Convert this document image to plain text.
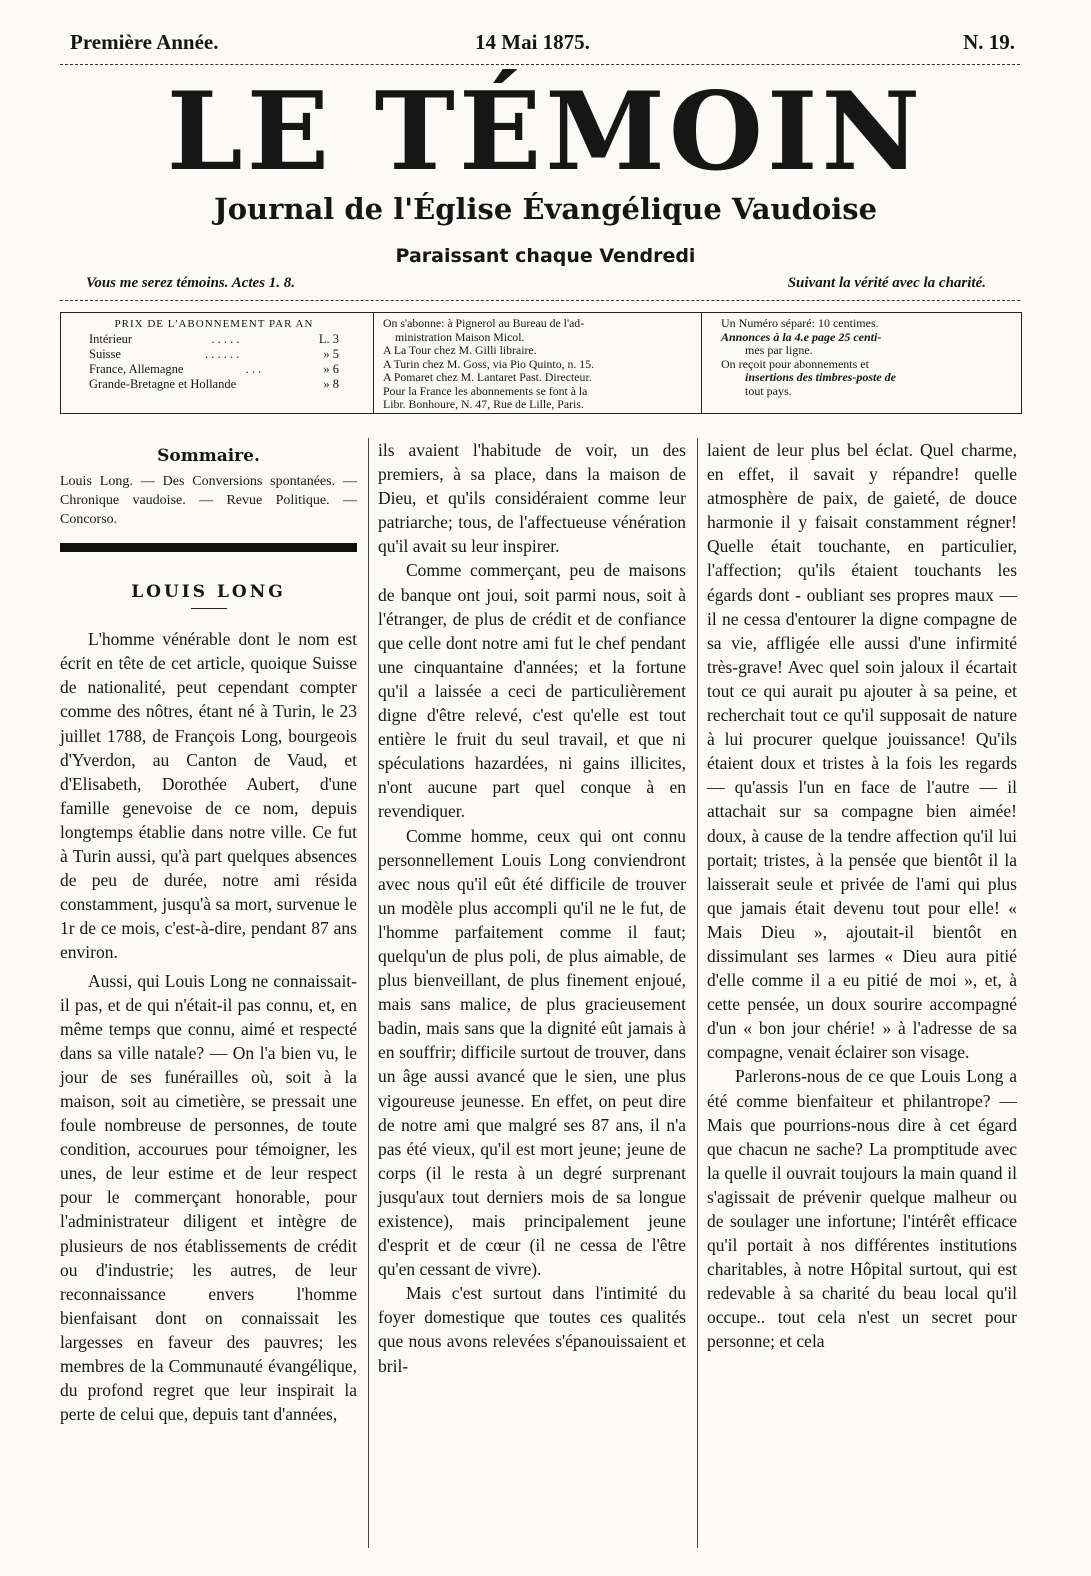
Première Année.	14 Mai 1875.	N. 19.
LE TÉMOIN
Journal de l'Église Évangélique Vaudoise
Paraissant chaque Vendredi
Vous me serez témoins. Actes 1. 8.	Suivant la vérité avec la charité.
PRIX DE L'ABONNEMENT PAR AN
Intérieur	. . . . .	L. 3
Suisse	. . . . . .	» 5
France, Allemagne	. . .	» 6
Grande-Bretagne et Hollande	» 8
On s'abonne: à Pignerol au Bureau de l'ad-
ministration Maison Micol.
A La Tour chez M. Gilli libraire.
A Turin chez M. Goss, via Pio Quinto, n. 15.
A Pomaret chez M. Lantaret Past. Directeur.
Pour la France les abonnements se font à la
Libr. Bonhoure, N. 47, Rue de Lille, Paris.
Un Numéro séparé: 10 centimes.
Annonces à la 4.e page 25 centi-
mes par ligne.
On reçoit pour abonnements et
insertions des timbres-poste de
tout pays.
Sommaire.
Louis Long. — Des Conversions spontanées. — Chronique vaudoise. — Revue Politique. — Concorso.
LOUIS LONG

L'homme vénérable dont le nom est écrit en tête de cet article, quoique Suisse de nationalité, peut cependant compter comme des nôtres, étant né à Turin, le 23 juillet 1788, de François Long, bourgeois d'Yverdon, au Canton de Vaud, et d'Elisabeth, Dorothée Aubert, d'une famille genevoise de ce nom, depuis longtemps établie dans notre ville. Ce fut à Turin aussi, qu'à part quelques absences de peu de durée, notre ami résida constamment, jusqu'à sa mort, survenue le 1r de ce mois, c'est-à-dire, pendant 87 ans environ.

Aussi, qui Louis Long ne connaissait-il pas, et de qui n'était-il pas connu, et, en même temps que connu, aimé et respecté dans sa ville natale? — On l'a bien vu, le jour de ses funérailles où, soit à la maison, soit au cimetière, se pressait une foule nombreuse de personnes, de toute condition, accourues pour témoigner, les unes, de leur estime et de leur respect pour le commerçant honorable, pour l'administrateur diligent et intègre de plusieurs de nos établissements de crédit ou d'industrie; les autres, de leur reconnaissance envers l'homme bienfaisant dont on connaissait les largesses en faveur des pauvres; les membres de la Communauté évangélique, du profond regret que leur inspirait la perte de celui que, depuis tant d'années,

ils avaient l'habitude de voir, un des premiers, à sa place, dans la maison de Dieu, et qu'ils considéraient comme leur patriarche; tous, de l'affectueuse vénération qu'il avait su leur inspirer.

Comme commerçant, peu de maisons de banque ont joui, soit parmi nous, soit à l'étranger, de plus de crédit et de confiance que celle dont notre ami fut le chef pendant une cinquantaine d'années; et la fortune qu'il a laissée a ceci de particulièrement digne d'être relevé, c'est qu'elle est tout entière le fruit du seul travail, et que ni spéculations hazardées, ni gains illicites, n'ont aucune part quel conque à en revendiquer.

Comme homme, ceux qui ont connu personnellement Louis Long conviendront avec nous qu'il eût été difficile de trouver un modèle plus accompli qu'il ne le fut, de l'homme parfaitement comme il faut; quelqu'un de plus poli, de plus aimable, de plus bienveillant, de plus finement enjoué, mais sans malice, de plus gracieusement badin, mais sans que la dignité eût jamais à en souffrir; difficile surtout de trouver, dans un âge aussi avancé que le sien, une plus vigoureuse jeunesse. En effet, on peut dire de notre ami que malgré ses 87 ans, il n'a pas été vieux, qu'il est mort jeune; jeune de corps (il le resta à un degré surprenant jusqu'aux tout derniers mois de sa longue existence), mais principalement jeune d'esprit et de cœur (il ne cessa de l'être qu'en cessant de vivre).

Mais c'est surtout dans l'intimité du foyer domestique que toutes ces qualités que nous avons relevées s'épanouissaient et bril-

laient de leur plus bel éclat. Quel charme, en effet, il savait y répandre! quelle atmosphère de paix, de gaieté, de douce harmonie il y faisait constamment régner! Quelle était touchante, en particulier, l'affection; qu'ils étaient touchants les égards dont - oubliant ses propres maux — il ne cessa d'entourer la digne compagne de sa vie, affligée elle aussi d'une infirmité très-grave! Avec quel soin jaloux il écartait tout ce qui aurait pu ajouter à sa peine, et recherchait tout ce qu'il supposait de nature à lui procurer quelque jouissance! Qu'ils étaient doux et tristes à la fois les regards — qu'assis l'un en face de l'autre — il attachait sur sa compagne bien aimée! doux, à cause de la tendre affection qu'il lui portait; tristes, à la pensée que bientôt il la laisserait seule et privée de l'ami qui plus que jamais était devenu tout pour elle! « Mais Dieu », ajoutait-il bientôt en dissimulant ses larmes « Dieu aura pitié d'elle comme il a eu pitié de moi », et, à cette pensée, un doux sourire accompagné d'un « bon jour chérie! » à l'adresse de sa compagne, venait éclairer son visage.

Parlerons-nous de ce que Louis Long a été comme bienfaiteur et philantrope? — Mais que pourrions-nous dire à cet égard que chacun ne sache? La promptitude avec la quelle il ouvrait toujours la main quand il s'agissait de prévenir quelque malheur ou de soulager une infortune; l'intérêt efficace qu'il portait à nos différentes institutions charitables, à notre Hôpital surtout, qui est redevable à sa charité du beau local qu'il occupe.. tout cela n'est un secret pour personne; et cela
